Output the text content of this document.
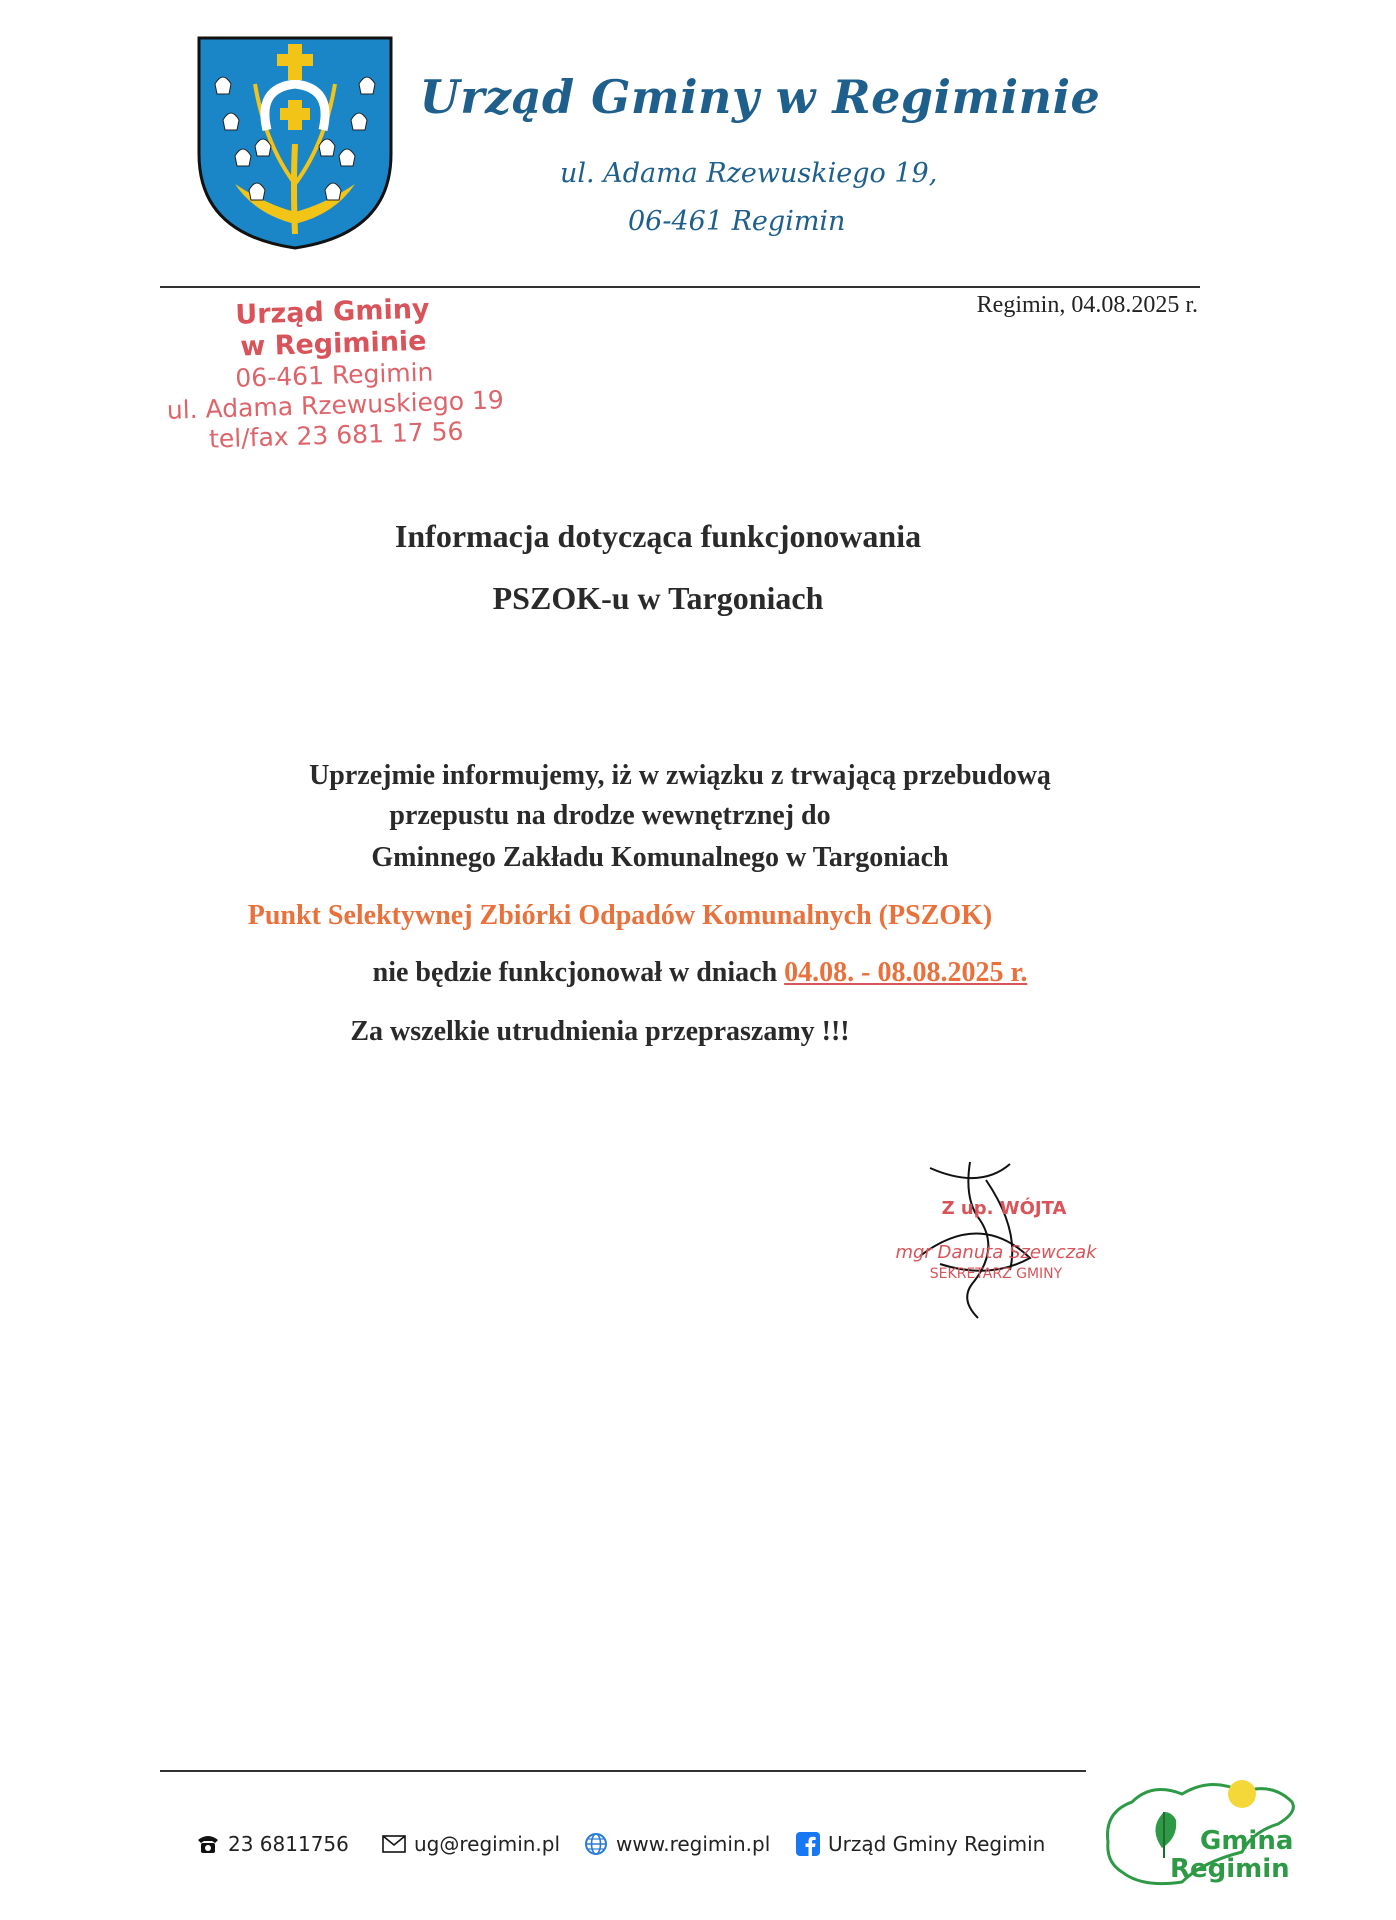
Urząd Gminy w Regiminie
ul. Adama Rzewuskiego 19,
06-461 Regimin
Regimin, 04.08.2025 r.
Urząd Gminy
w Regiminie
06-461 Regimin
ul. Adama Rzewuskiego 19
tel/fax 23 681 17 56
Informacja dotycząca funkcjonowania
PSZOK-u w Targoniach
Uprzejmie informujemy, iż w związku z trwającą przebudową
przepustu na drodze wewnętrznej do
Gminnego Zakładu Komunalnego w Targoniach
Punkt Selektywnej Zbiórki Odpadów Komunalnych (PSZOK)
nie będzie funkcjonował w dniach 04.08. - 08.08.2025 r.
Za wszelkie utrudnienia przepraszamy !!!
Z up. WÓJTA
mgr Danuta Szewczak
SEKRETARZ GMINY
23 6811756	ug@regimin.pl	www.regimin.pl	Urząd Gminy Regimin	Gmina
Regimin
